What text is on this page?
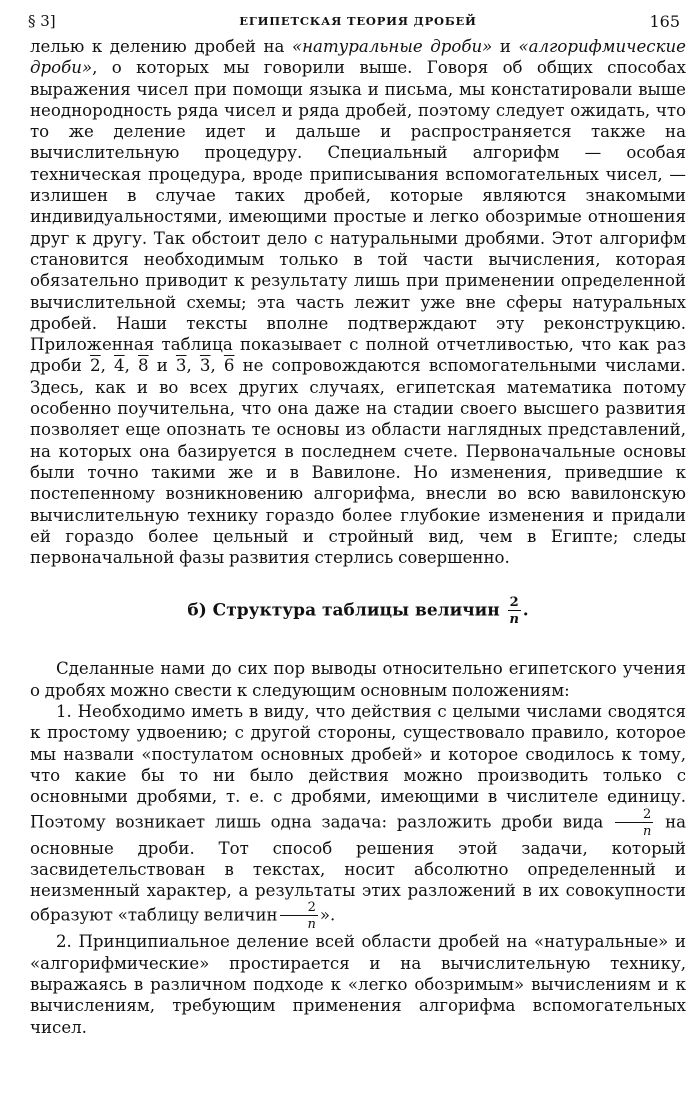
§ 3]	ЕГИПЕТСКАЯ ТЕОРИЯ ДРОБЕЙ	165

лелью к делению дробей на «натуральные дроби» и «алгорифмические дроби», о которых мы говорили выше. Говоря об общих способах выражения чисел при помощи языка и письма, мы констатировали выше неоднородность ряда чисел и ряда дробей, поэтому следует ожидать, что то же деление идет и дальше и распространяется также на вычислительную процедуру. Специальный алгорифм — особая техническая процедура, вроде приписывания вспомогательных чисел, — излишен в случае таких дробей, которые являются знакомыми индивидуальностями, имеющими простые и легко обозримые отношения друг к другу. Так обстоит дело с натуральными дробями. Этот алгорифм становится необходимым только в той части вычисления, которая обязательно приводит к результату лишь при применении определенной вычислительной схемы; эта часть лежит уже вне сферы натуральных дробей. Наши тексты вполне подтверждают эту реконструкцию. Приложенная таблица показывает с полной отчетливостью, что как раз дроби 2, 4, 8 и 3, 3, 6 не сопровождаются вспомогательными числами. Здесь, как и во всех других случаях, египетская математика потому особенно поучительна, что она даже на стадии своего высшего развития позволяет еще опознать те основы из области наглядных представлений, на которых она базируется в последнем счете. Первоначальные основы были точно такими же и в Вавилоне. Но изменения, приведшие к постепенному возникновению алгорифма, внесли во всю вавилонскую вычислительную технику гораздо более глубокие изменения и придали ей гораздо более цельный и стройный вид, чем в Египте; следы первоначальной фазы развития стерлись совершенно.

б) Структура таблицы величин $\frac{2}{n}$ .

Сделанные нами до сих пор выводы относительно египетского учения о дробях можно свести к следующим основным положениям:

1. Необходимо иметь в виду, что действия с целыми числами сводятся к простому удвоению; с другой стороны, существовало правило, которое мы назвали «постулатом основных дробей» и которое сводилось к тому, что какие бы то ни было действия можно производить только с основными дробями, т. е. с дробями, имеющими в числителе единицу. Поэтому возникает лишь одна задача: разложить дроби вида $\frac{2}{n}$ на основные дроби. Тот способ решения этой задачи, который засвидетельствован в текстах, носит абсолютно определенный и неизменный характер, а результаты этих разложений в их совокупности образуют «таблицу величин $\frac{2}{n}$ ».

2. Принципиальное деление всей области дробей на «натуральные» и «алгорифмические» простирается и на вычислительную технику, выражаясь в различном подходе к «легко обозримым» вычислениям и к вычислениям, требующим применения алгорифма вспомогательных чисел.
